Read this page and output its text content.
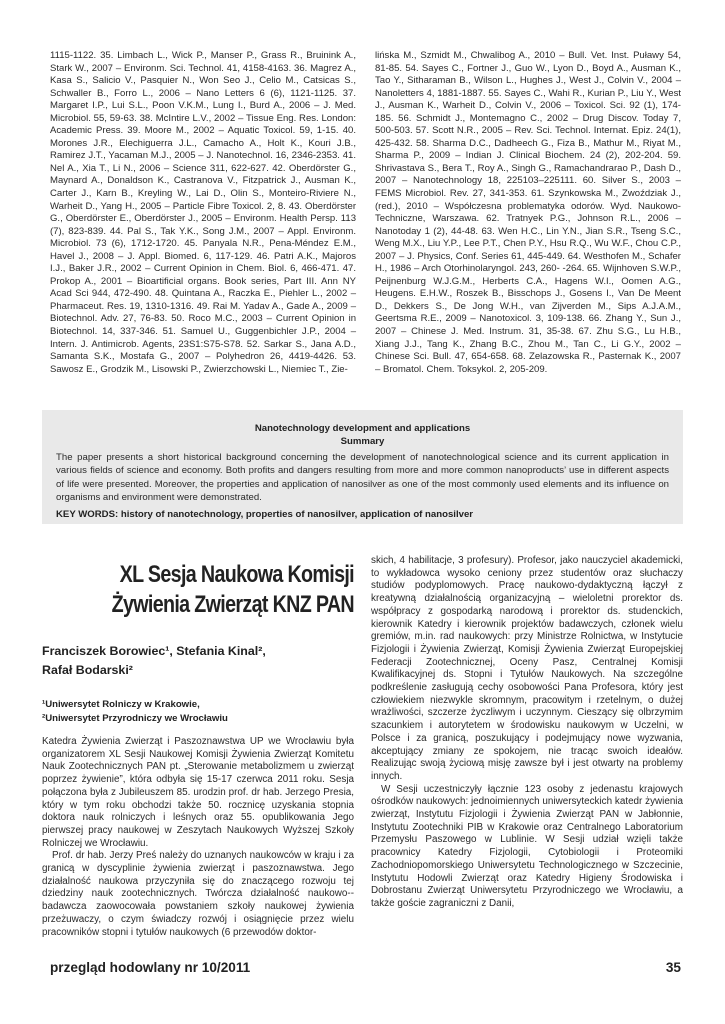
1115-1122. 35. Limbach L., Wick P., Manser P., Grass R., Bruinink A., Stark W., 2007 – Environm. Sci. Technol. 41, 4158-4163. 36. Magrez A., Kasa S., Salicio V., Pasquier N., Won Seo J., Celio M., Catsicas S., Schwaller B., Forro L., 2006 – Nano Letters 6 (6), 1121-1125. 37. Margaret I.P., Lui S.L., Poon V.K.M., Lung I., Burd A., 2006 – J. Med. Microbiol. 55, 59-63. 38. McIntire L.V., 2002 – Tissue Eng. Res. London: Academic Press. 39. Moore M., 2002 – Aquatic Toxicol. 59, 1-15. 40. Morones J.R., Elechiguerra J.L., Camacho A., Holt K., Kouri J.B., Ramirez J.T., Yacaman M.J., 2005 – J. Nanotechnol. 16, 2346-2353. 41. Nel A., Xia T., Li N., 2006 – Science 311, 622-627. 42. Oberdörster G., Maynard A., Donaldson K., Castranova V., Fitzpatrick J., Ausman K., Carter J., Karn B., Kreyling W., Lai D., Olin S., Monteiro-Riviere N., Warheit D., Yang H., 2005 – Particle Fibre Toxicol. 2, 8. 43. Oberdörster G., Oberdörster E., Oberdörster J., 2005 – Environm. Health Persp. 113 (7), 823-839. 44. Pal S., Tak Y.K., Song J.M., 2007 – Appl. Environm. Microbiol. 73 (6), 1712-1720. 45. Panyala N.R., Pena-Méndez E.M., Havel J., 2008 – J. Appl. Biomed. 6, 117-129. 46. Patri A.K., Majoros I.J., Baker J.R., 2002 – Current Opinion in Chem. Biol. 6, 466-471. 47. Prokop A., 2001 – Bioartificial organs. Book series, Part III. Ann NY Acad Sci 944, 472-490. 48. Quintana A., Raczka E., Piehler L., 2002 – Pharmaceut. Res. 19, 1310-1316. 49. Rai M. Yadav A., Gade A., 2009 – Biotechnol. Adv. 27, 76-83. 50. Roco M.C., 2003 – Current Opinion in Biotechnol. 14, 337-346. 51. Samuel U., Guggenbichler J.P., 2004 – Intern. J. Antimicrob. Agents, 23S1:S75-S78. 52. Sarkar S., Jana A.D., Samanta S.K., Mostafa G., 2007 – Polyhedron 26, 4419-4426. 53. Sawosz E., Grodzik M., Lisowski P., Zwierzchowski L., Niemiec T., Zie-

lińska M., Szmidt M., Chwalibog A., 2010 – Bull. Vet. Inst. Puławy 54, 81-85. 54. Sayes C., Fortner J., Guo W., Lyon D., Boyd A., Ausman K., Tao Y., Sitharaman B., Wilson L., Hughes J., West J., Colvin V., 2004 – Nanoletters 4, 1881-1887. 55. Sayes C., Wahi R., Kurian P., Liu Y., West J., Ausman K., Warheit D., Colvin V., 2006 – Toxicol. Sci. 92 (1), 174-185. 56. Schmidt J., Montemagno C., 2002 – Drug Discov. Today 7, 500-503. 57. Scott N.R., 2005 – Rev. Sci. Technol. Internat. Epiz. 24(1), 425-432. 58. Sharma D.C., Dadheech G., Fiza B., Mathur M., Riyat M., Sharma P., 2009 – Indian J. Clinical Biochem. 24 (2), 202-204. 59. Shrivastava S., Bera T., Roy A., Singh G., Ramachandrarao P., Dash D., 2007 – Nanotechnology 18, 225103–225111. 60. Silver S., 2003 – FEMS Microbiol. Rev. 27, 341-353. 61. Szynkowska M., Zwoździak J., (red.), 2010 – Współczesna problematyka odorów. Wyd. Naukowo-Techniczne, Warszawa. 62. Tratnyek P.G., Johnson R.L., 2006 – Nanotoday 1 (2), 44-48. 63. Wen H.C., Lin Y.N., Jian S.R., Tseng S.C., Weng M.X., Liu Y.P., Lee P.T., Chen P.Y., Hsu R.Q., Wu W.F., Chou C.P., 2007 – J. Physics, Conf. Series 61, 445-449. 64. Westhofen M., Schafer H., 1986 – Arch Otorhinolaryngol. 243, 260- -264. 65. Wijnhoven S.W.P., Peijnenburg W.J.G.M., Herberts C.A., Hagens W.I., Oomen A.G., Heugens. E.H.W., Roszek B., Bisschops J., Gosens I., Van De Meent D., Dekkers S., De Jong W.H., van Zijverden M., Sips A.J.A.M., Geertsma R.E., 2009 – Nanotoxicol. 3, 109-138. 66. Zhang Y., Sun J., 2007 – Chinese J. Med. Instrum. 31, 35-38. 67. Zhu S.G., Lu H.B., Xiang J.J., Tang K., Zhang B.C., Zhou M., Tan C., Li G.Y., 2002 – Chinese Sci. Bull. 47, 654-658. 68. Zelazowska R., Pasternak K., 2007 – Bromatol. Chem. Toksykol. 2, 205-209.

Nanotechnology development and applications

Summary

The paper presents a short historical background concerning the development of nanotechnological science and its current application in various fields of science and economy. Both profits and dangers resulting from more and more common nanoproducts’ use in different aspects of life were presented. Moreover, the properties and application of nanosilver as one of the most commonly used elements and its influence on organisms and environment were demonstrated.

KEY WORDS: history of nanotechnology, properties of nanosilver, application of nanosilver

XL Sesja Naukowa Komisji
Żywienia Zwierząt KNZ PAN
Franciszek Borowiec¹, Stefania Kinal²,
Rafał Bodarski²
¹Uniwersytet Rolniczy w Krakowie,
²Uniwersytet Przyrodniczy we Wrocławiu

Katedra Żywienia Zwierząt i Paszoznawstwa UP we Wrocławiu była organizatorem XL Sesji Naukowej Komisji Żywienia Zwierząt Komitetu Nauk Zootechnicznych PAN pt. „Sterowanie metabolizmem u zwierząt poprzez żywienie”, która odbyła się 15-17 czerwca 2011 roku. Sesja połączona była z Jubileuszem 85. urodzin prof. dr hab. Jerzego Presia, który w tym roku obchodzi także 50. rocznicę uzyskania stopnia doktora nauk rolniczych i leśnych oraz 55. opublikowania Jego pierwszej pracy naukowej w Zeszytach Naukowych Wyższej Szkoły Rolniczej we Wrocławiu.

Prof. dr hab. Jerzy Preś należy do uznanych naukowców w kraju i za granicą w dyscyplinie żywienia zwierząt i paszoznawstwa. Jego działalność naukowa przyczyniła się do znaczącego rozwoju tej dziedziny nauk zootechnicznych. Twórcza działalność naukowo--badawcza zaowocowała powstaniem szkoły naukowej żywienia przeżuwaczy, o czym świadczy rozwój i osiągnięcie przez wielu pracowników stopni i tytułów naukowych (6 przewodów doktor-

skich, 4 habilitacje, 3 profesury). Profesor, jako nauczyciel akademicki, to wykładowca wysoko ceniony przez studentów oraz słuchaczy studiów podyplomowych. Pracę naukowo-dydaktyczną łączył z kreatywną działalnością organizacyjną – wieloletni prorektor ds. współpracy z gospodarką narodową i prorektor ds. studenckich, kierownik Katedry i kierownik projektów badawczych, członek wielu gremiów, m.in. rad naukowych: przy Ministrze Rolnictwa, w Instytucie Fizjologii i Żywienia Zwierząt, Komisji Żywienia Zwierząt Europejskiej Federacji Zootechnicznej, Oceny Pasz, Centralnej Komisji Kwalifikacyjnej ds. Stopni i Tytułów Naukowych. Na szczególne podkreślenie zasługują cechy osobowości Pana Profesora, który jest człowiekiem niezwykle skromnym, pracowitym i rzetelnym, o dużej wrażliwości, szczerze życzliwym i uczynnym. Cieszący się olbrzymim szacunkiem i autorytetem w środowisku naukowym w Uczelni, w Polsce i za granicą, poszukujący i podejmujący nowe wyzwania, akceptujący zmiany ze spokojem, nie tracąc swoich ideałów. Realizując swoją życiową misję zawsze był i jest otwarty na problemy innych.

W Sesji uczestniczyły łącznie 123 osoby z jedenastu krajowych ośrodków naukowych: jednoimiennych uniwersyteckich katedr żywienia zwierząt, Instytutu Fizjologii i Żywienia Zwierząt PAN w Jabłonnie, Instytutu Zootechniki PIB w Krakowie oraz Centralnego Laboratorium Przemysłu Paszowego w Lublinie. W Sesji udział wzięli także pracownicy Katedry Fizjologii, Cytobiologii i Proteomiki Zachodniopomorskiego Uniwersytetu Technologicznego w Szczecinie, Instytutu Hodowli Zwierząt oraz Katedry Higieny Środowiska i Dobrostanu Zwierząt Uniwersytetu Przyrodniczego we Wrocławiu, a także goście zagraniczni z Danii,

przegląd hodowlany nr 10/2011	35
